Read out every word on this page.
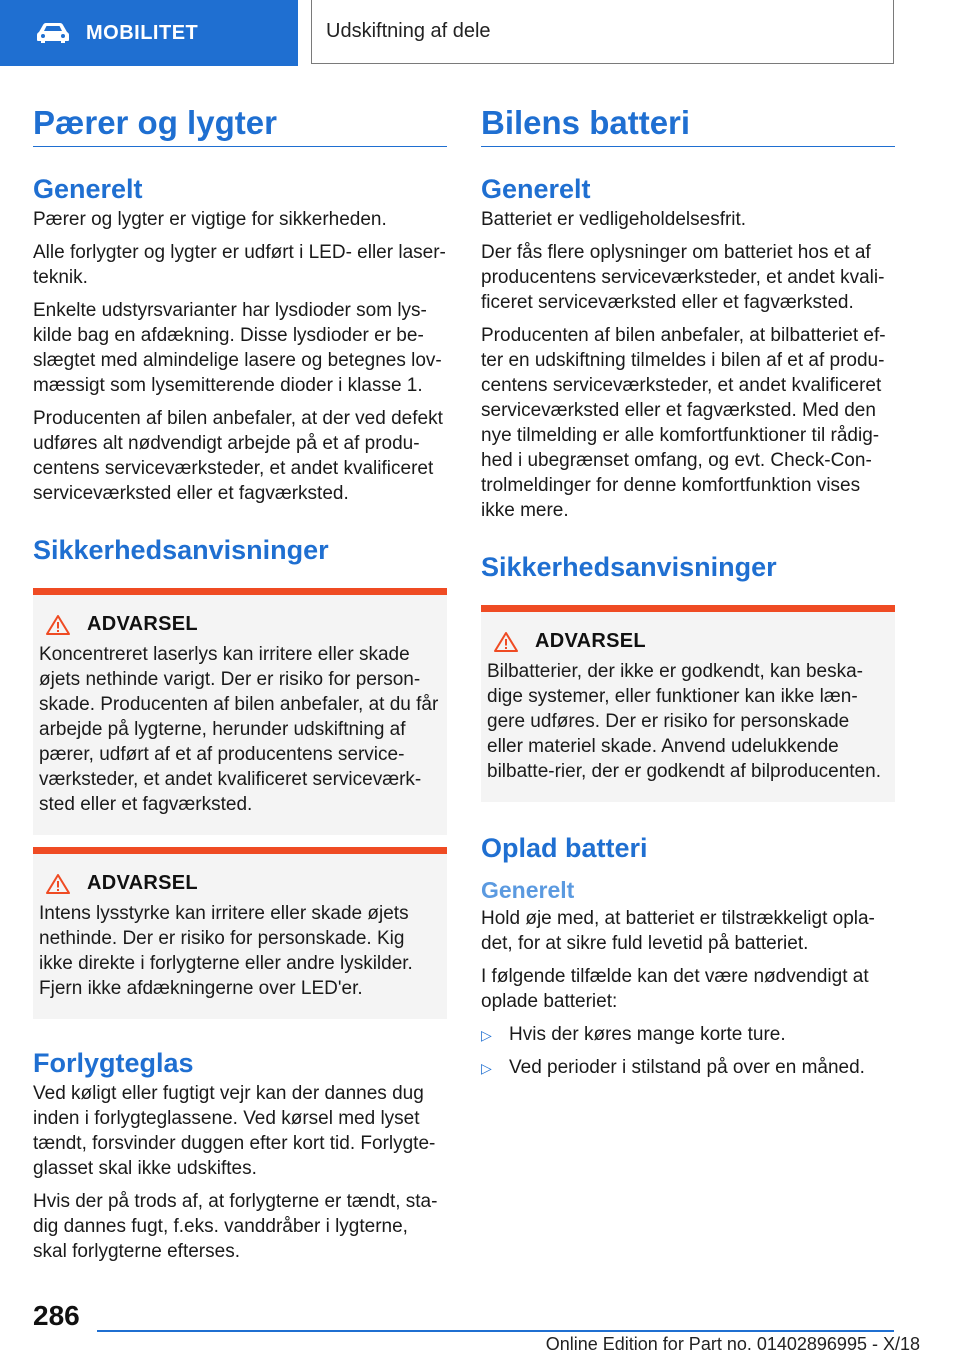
MOBILITET	Udskiftning af dele
Pærer og lygter
Generelt

Pærer og lygter er vigtige for sikkerheden.

Alle forlygter og lygter er udført i LED- eller laser-teknik.

Enkelte udstyrsvarianter har lysdioder som lys-kilde bag en afdækning. Disse lysdioder er be-slægtet med almindelige lasere og betegnes lov-mæssigt som lysemitterende dioder i klasse 1.

Producenten af bilen anbefaler, at der ved defekt udføres alt nødvendigt arbejde på et af produ-centens serviceværksteder, et andet kvalificeret serviceværksted eller et fagværksted.

Sikkerhedsanvisninger
ADVARSEL

Koncentreret laserlys kan irritere eller skade øjets nethinde varigt. Der er risiko for person-skade. Producenten af bilen anbefaler, at du får arbejde på lygterne, herunder udskiftning af pærer, udført af et af producentens service-værksteder, et andet kvalificeret serviceværk-sted eller et fagværksted.

ADVARSEL

Intens lysstyrke kan irritere eller skade øjets nethinde. Der er risiko for personskade. Kig ikke direkte i forlygterne eller andre lyskilder. Fjern ikke afdækningerne over LED'er.

Forlygteglas

Ved køligt eller fugtigt vejr kan der dannes dug inden i forlygteglassene. Ved kørsel med lyset tændt, forsvinder duggen efter kort tid. Forlygte-glasset skal ikke udskiftes.

Hvis der på trods af, at forlygterne er tændt, sta-dig dannes fugt, f.eks. vanddråber i lygterne, skal forlygterne efterses.

Bilens batteri
Generelt

Batteriet er vedligeholdelsesfrit.

Der fås flere oplysninger om batteriet hos et af producentens serviceværksteder, et andet kvali-ficeret serviceværksted eller et fagværksted.

Producenten af bilen anbefaler, at bilbatteriet ef-ter en udskiftning tilmeldes i bilen af et af produ-centens serviceværksteder, et andet kvalificeret serviceværksted eller et fagværksted. Med den nye tilmelding er alle komfortfunktioner til rådig-hed i ubegrænset omfang, og evt. Check-Con-trolmeldinger for denne komfortfunktion vises ikke mere.

Sikkerhedsanvisninger
ADVARSEL

Bilbatterier, der ikke er godkendt, kan beska-dige systemer, eller funktioner kan ikke læn-gere udføres. Der er risiko for personskade eller materiel skade. Anvend udelukkende bilbatte-rier, der er godkendt af bilproducenten.

Oplad batteri
Generelt

Hold øje med, at batteriet er tilstrækkeligt opla-det, for at sikre fuld levetid på batteriet.

I følgende tilfælde kan det være nødvendigt at oplade batteriet:

▷ Hvis der køres mange korte ture.
▷ Ved perioder i stilstand på over en måned.
286
Online Edition for Part no. 01402896995 - X/18
